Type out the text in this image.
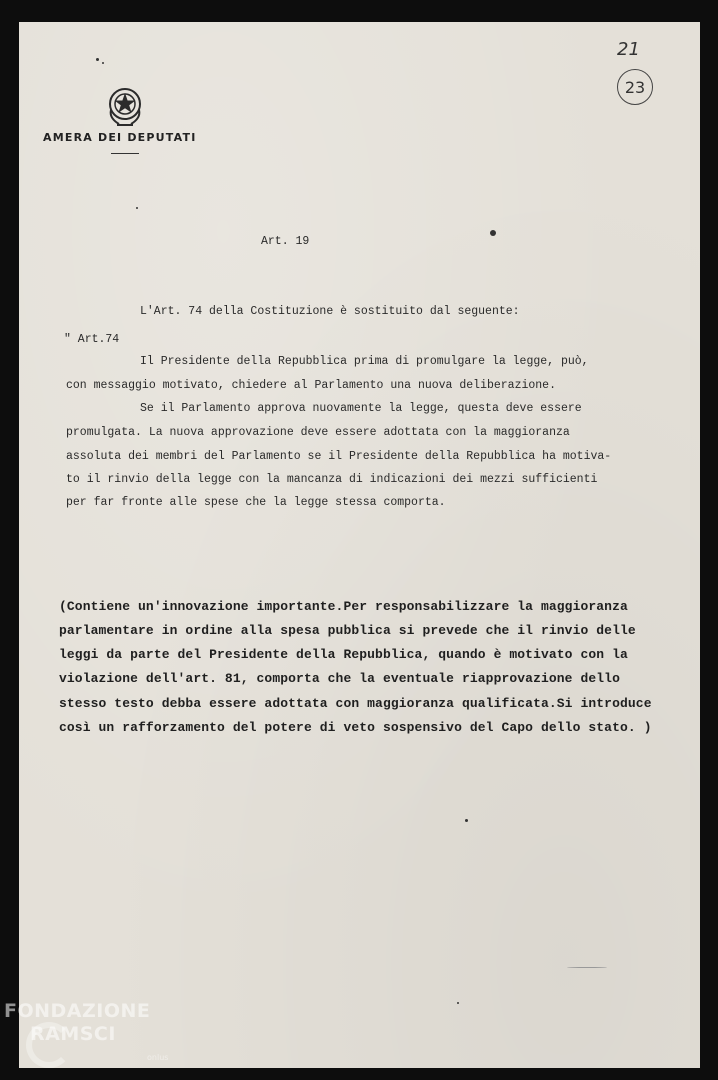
AMERA DEI DEPUTATI
21
23
Art. 19
L'Art. 74 della Costituzione è sostituito dal seguente:
" Art.74
Il Presidente della Repubblica prima di promulgare la legge, può,
con messaggio motivato, chiedere al Parlamento una nuova deliberazione.
Se il Parlamento approva nuovamente la legge, questa deve essere
promulgata. La nuova approvazione deve essere adottata con la maggioranza
assoluta dei membri del Parlamento se il Presidente della Repubblica ha motiva-
to il rinvio della legge con la mancanza di indicazioni dei mezzi sufficienti
per far fronte alle spese che la legge stessa comporta.
(Contiene un'innovazione importante.Per responsabilizzare la maggioranza
parlamentare in ordine alla spesa pubblica si prevede che il rinvio delle
leggi da parte del Presidente della Repubblica, quando è motivato con la
violazione dell'art. 81, comporta che la eventuale riapprovazione dello
stesso testo debba essere adottata con maggioranza qualificata.Si introduce
così un rafforzamento del potere di veto sospensivo del Capo dello stato. )
FONDAZIONE
RAMSCI
onlus
